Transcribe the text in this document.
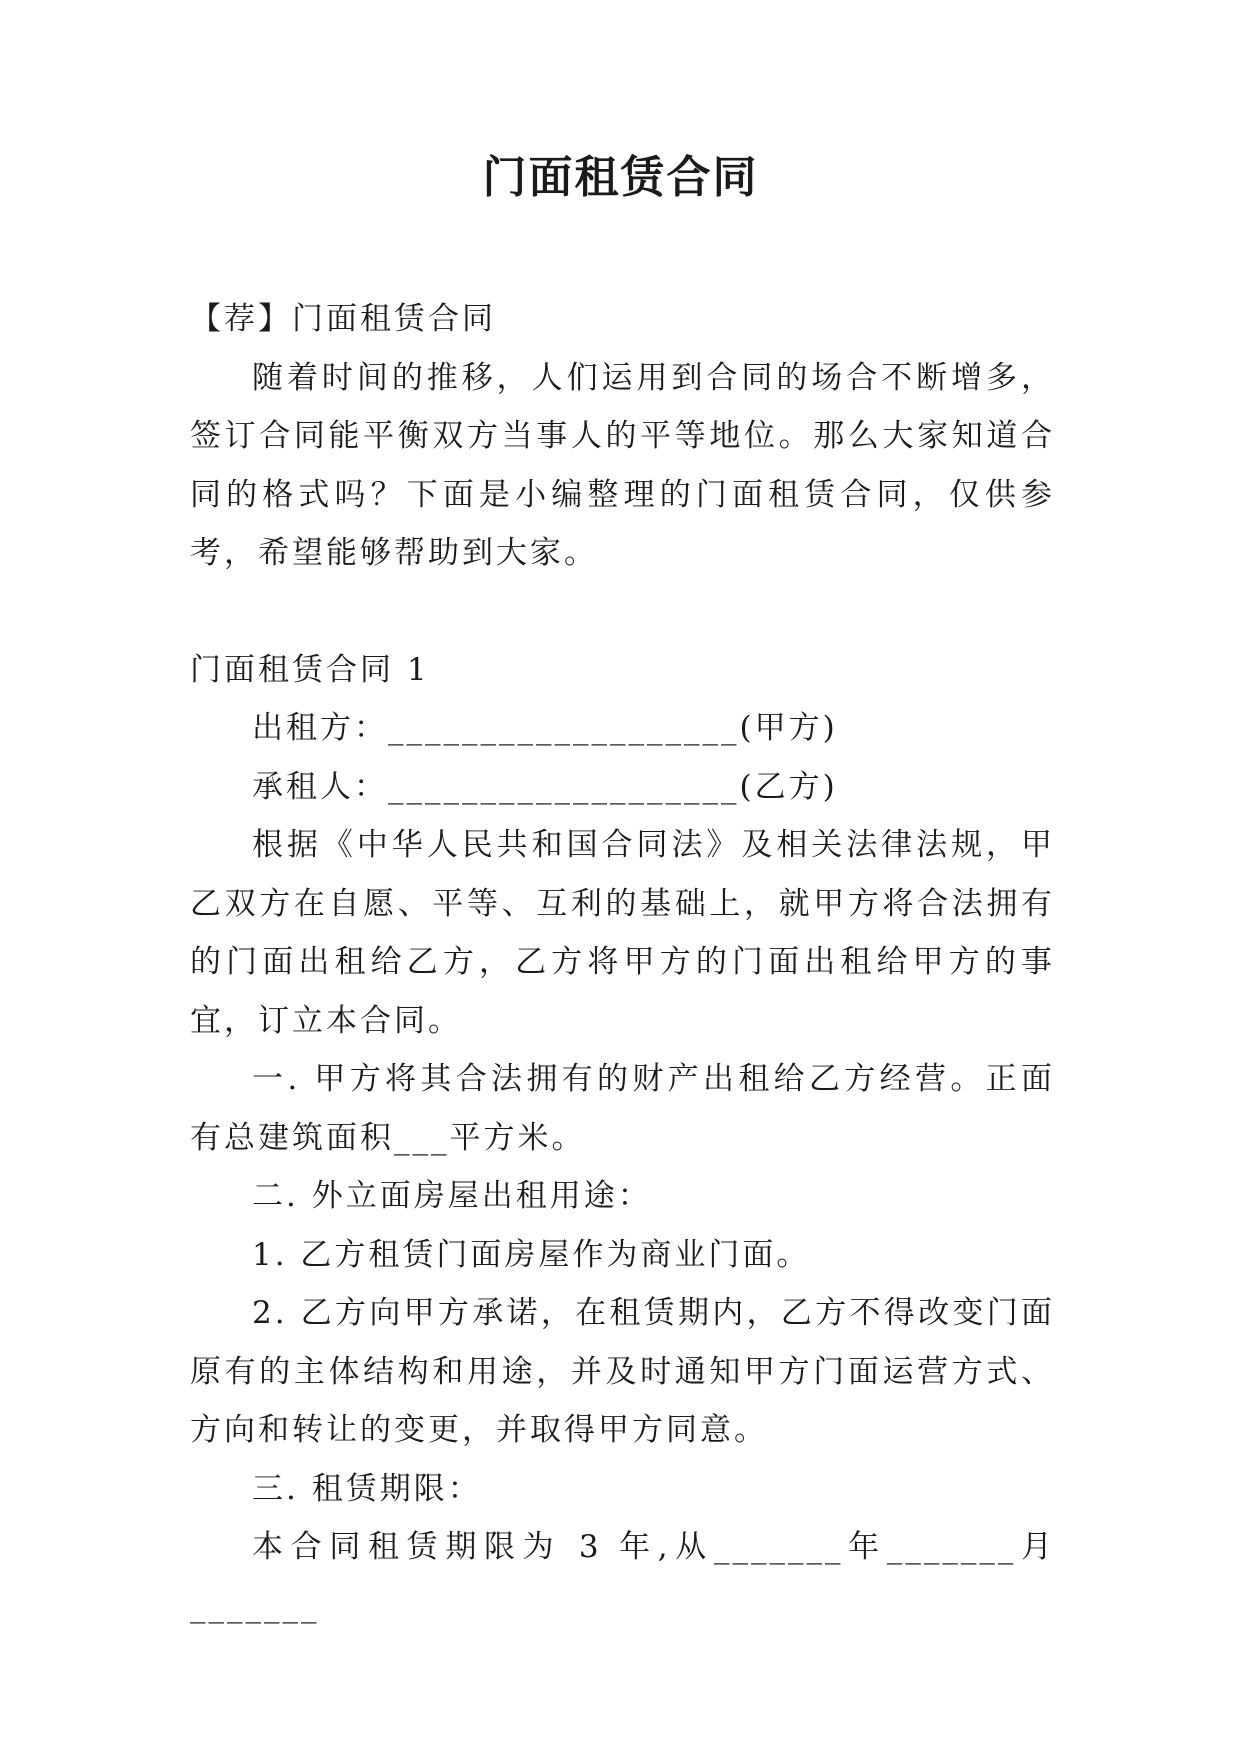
门面租赁合同

【荐】门面租赁合同

随着时间的推移，人们运用到合同的场合不断增多，签订合同能平衡双方当事人的平等地位。那么大家知道合同的格式吗？下面是小编整理的门面租赁合同，仅供参考，希望能够帮助到大家。

门面租赁合同 1

出租方：___________________(甲方)

承租人：___________________(乙方)

根据《中华人民共和国合同法》及相关法律法规，甲乙双方在自愿、平等、互利的基础上，就甲方将合法拥有的门面出租给乙方，乙方将甲方的门面出租给甲方的事宜，订立本合同。

一. 甲方将其合法拥有的财产出租给乙方经营。正面有总建筑面积___平方米。

二. 外立面房屋出租用途：

1. 乙方租赁门面房屋作为商业门面。

2. 乙方向甲方承诺，在租赁期内，乙方不得改变门面原有的主体结构和用途，并及时通知甲方门面运营方式、方向和转让的变更，并取得甲方同意。

三. 租赁期限：

本合同租赁期限为 3 年,从_______年_______月_______
